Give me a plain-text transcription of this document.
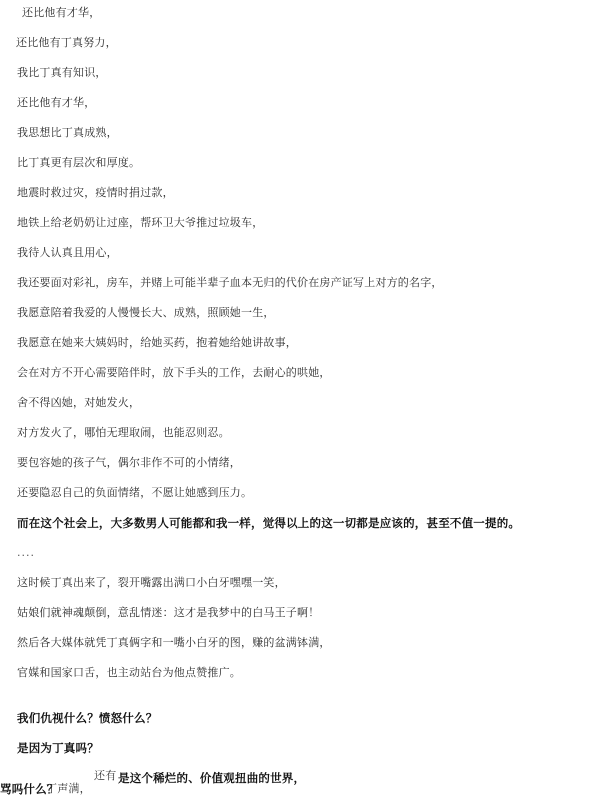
还比他有才华，
还比他有丁真努力，
我比丁真有知识，
还比他有才华，
我思想比丁真成熟，
比丁真更有层次和厚度。
地震时救过灾，疫情时捐过款，
地铁上给老奶奶让过座，帮环卫大爷推过垃圾车，
我待人认真且用心，
我还要面对彩礼，房车，并赌上可能半辈子血本无归的代价在房产证写上对方的名字，
我愿意陪着我爱的人慢慢长大、成熟，照顾她一生，
我愿意在她来大姨妈时，给她买药，抱着她给她讲故事，
会在对方不开心需要陪伴时，放下手头的工作，去耐心的哄她，
舍不得凶她，对她发火，
对方发火了，哪怕无理取闹，也能忍则忍。
要包容她的孩子气，偶尔非作不可的小情绪，
还要隐忍自己的负面情绪，不愿让她感到压力。
而在这个社会上，大多数男人可能都和我一样，觉得以上的这一切都是应该的，甚至不值一提的。
....
这时候丁真出来了，裂开嘴露出满口小白牙嘿嘿一笑，
姑娘们就神魂颠倒，意乱情迷：这才是我梦中的白马王子啊！
然后各大媒体就凭丁真俩字和一嘴小白牙的图，赚的盆满钵满，
官媒和国家口舌，也主动站台为他点赞推广。
我们仇视什么？愤怒什么？
是因为丁真吗？
是这个稀烂的、价值观扭曲的世界，
还有
骂吗什么？
丁声满，
